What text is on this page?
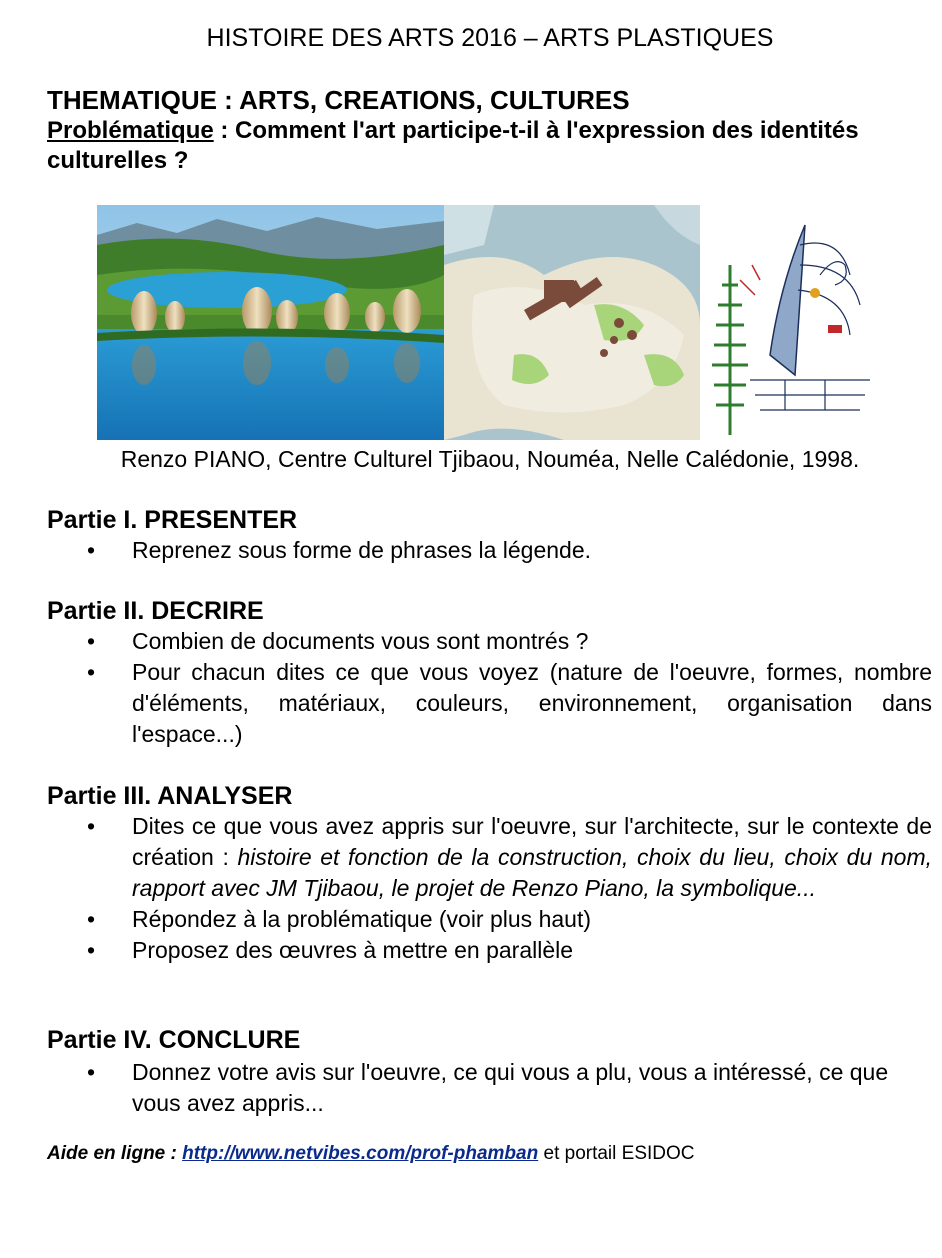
HISTOIRE DES ARTS 2016 – ARTS PLASTIQUES
THEMATIQUE : ARTS, CREATIONS, CULTURES
Problématique : Comment l'art participe-t-il à l'expression des identités culturelles ?
Renzo PIANO, Centre Culturel Tjibaou, Nouméa, Nelle Calédonie, 1998.
Partie I. PRESENTER
• Reprenez sous forme de phrases la légende.
Partie II. DECRIRE
• Combien de documents vous sont montrés ?
• Pour chacun dites ce que vous voyez (nature de l'oeuvre, formes, nombre d'éléments, matériaux, couleurs, environnement, organisation dans l'espace...)
Partie III. ANALYSER
• Dites ce que vous avez appris sur l'oeuvre, sur l'architecte, sur le contexte de création : histoire et fonction de la construction, choix du lieu, choix du nom, rapport avec JM Tjibaou, le projet de Renzo Piano, la symbolique...
• Répondez à la problématique (voir plus haut)
• Proposez des œuvres à mettre en parallèle
Partie IV. CONCLURE
• Donnez votre avis sur l'oeuvre, ce qui vous a plu, vous a intéressé, ce que vous avez appris...
Aide en ligne : http://www.netvibes.com/prof-phamban et portail ESIDOC
